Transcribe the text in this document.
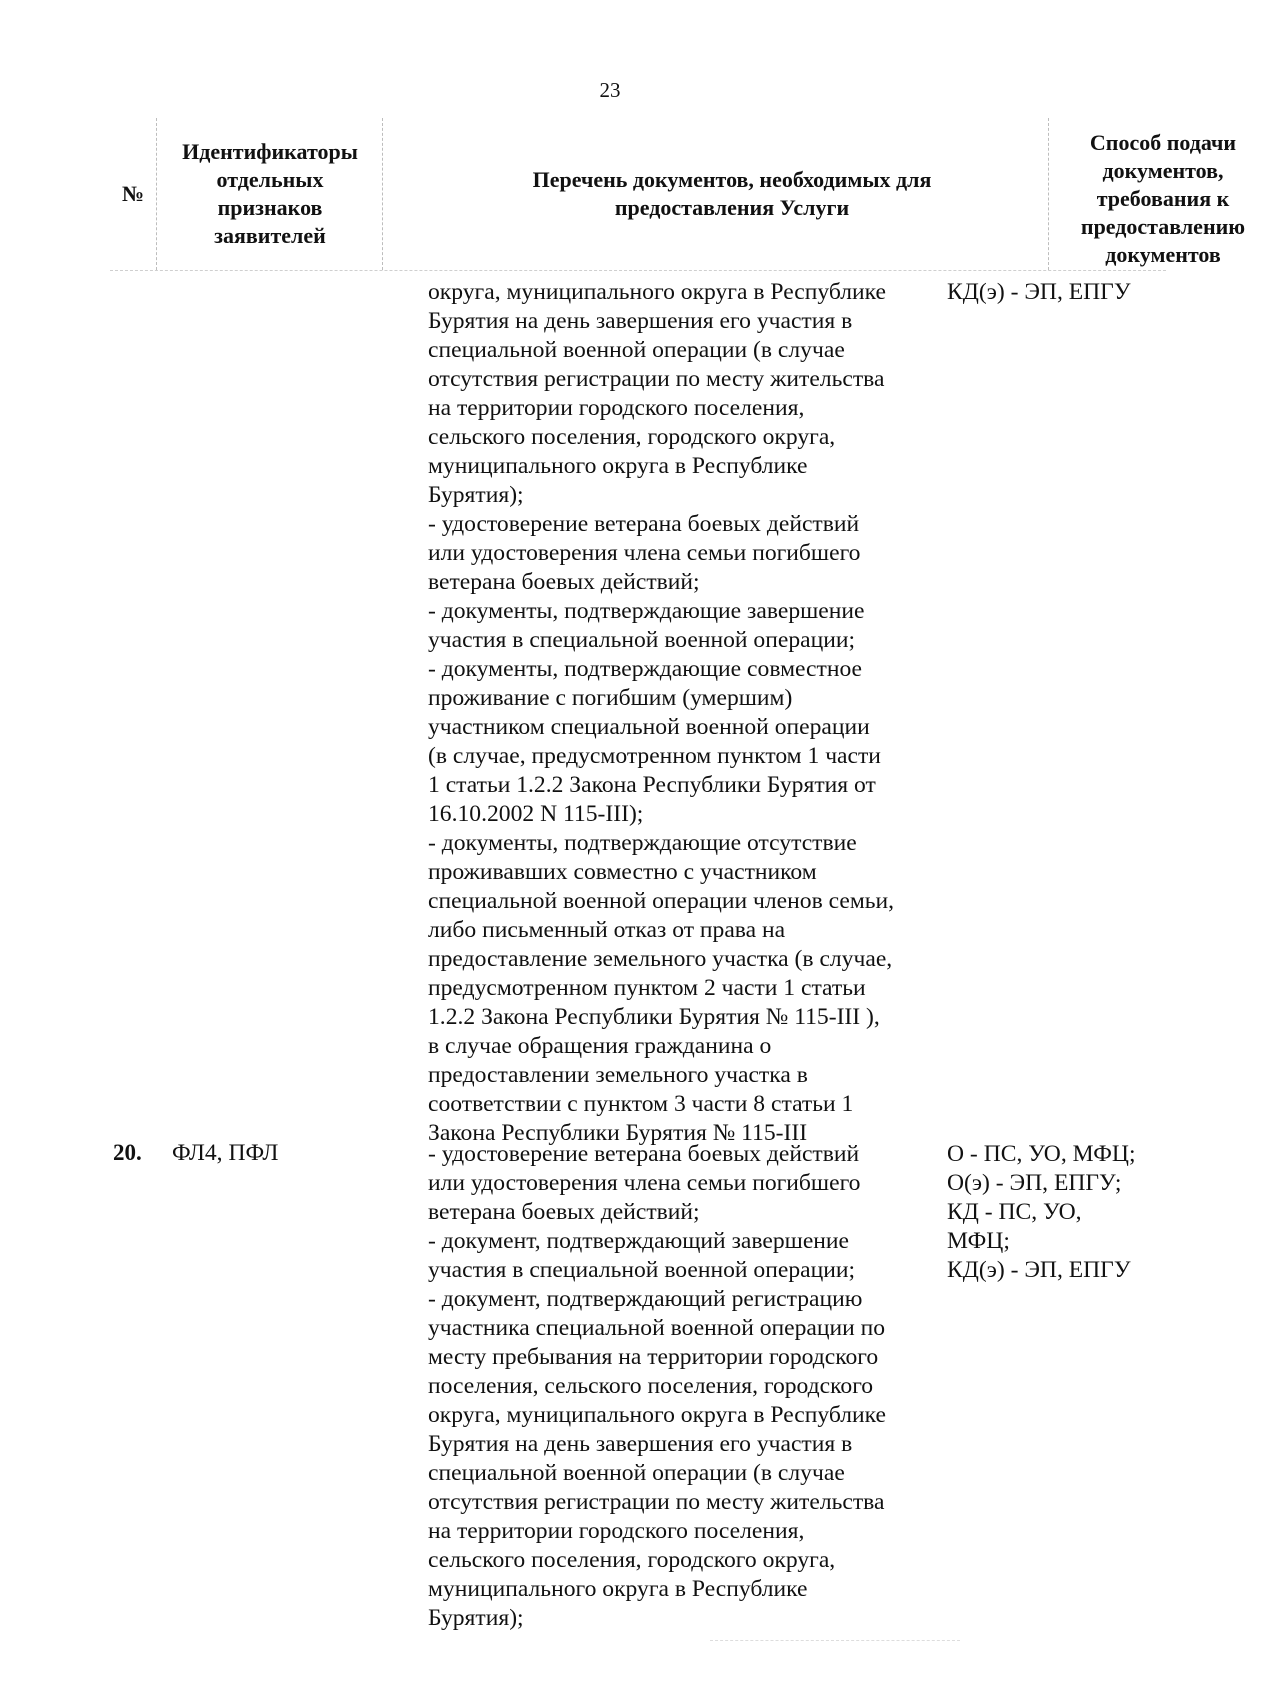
23
№
Идентификаторы
отдельных
признаков
заявителей
Перечень документов, необходимых для
предоставления Услуги
Способ подачи
документов,
требования к
предоставлению
документов
округа, муниципального округа в Республике
Бурятия на день завершения его участия в
специальной военной операции (в случае
отсутствия регистрации по месту жительства
на территории городского поселения,
сельского поселения, городского округа,
муниципального округа в Республике
Бурятия);
- удостоверение ветерана боевых действий
или удостоверения члена семьи погибшего
ветерана боевых действий;
- документы, подтверждающие завершение
участия в специальной военной операции;
- документы, подтверждающие совместное
проживание с погибшим (умершим)
участником специальной военной операции
(в случае, предусмотренном пунктом 1 части
1 статьи 1.2.2 Закона Республики Бурятия от
16.10.2002 N 115-III);
- документы, подтверждающие отсутствие
проживавших совместно с участником
специальной военной операции членов семьи,
либо письменный отказ от права на
предоставление земельного участка (в случае,
предусмотренном пунктом 2 части 1 статьи
1.2.2 Закона Республики Бурятия № 115-III ),
в случае обращения гражданина о
предоставлении земельного участка в
соответствии с пунктом 3 части 8 статьи 1
Закона Республики Бурятия № 115-III
КД(э) - ЭП, ЕПГУ
20. ФЛ4, ПФЛ	- удостоверение ветерана боевых действий
или удостоверения члена семьи погибшего
ветерана боевых действий;
- документ, подтверждающий завершение
участия в специальной военной операции;
- документ, подтверждающий регистрацию
участника специальной военной операции по
месту пребывания на территории городского
поселения, сельского поселения, городского
округа, муниципального округа в Республике
Бурятия на день завершения его участия в
специальной военной операции (в случае
отсутствия регистрации по месту жительства
на территории городского поселения,
сельского поселения, городского округа,
муниципального округа в Республике
Бурятия);
О - ПС, УО, МФЦ;
О(э) - ЭП, ЕПГУ;
КД - ПС, УО,
МФЦ;
КД(э) - ЭП, ЕПГУ
